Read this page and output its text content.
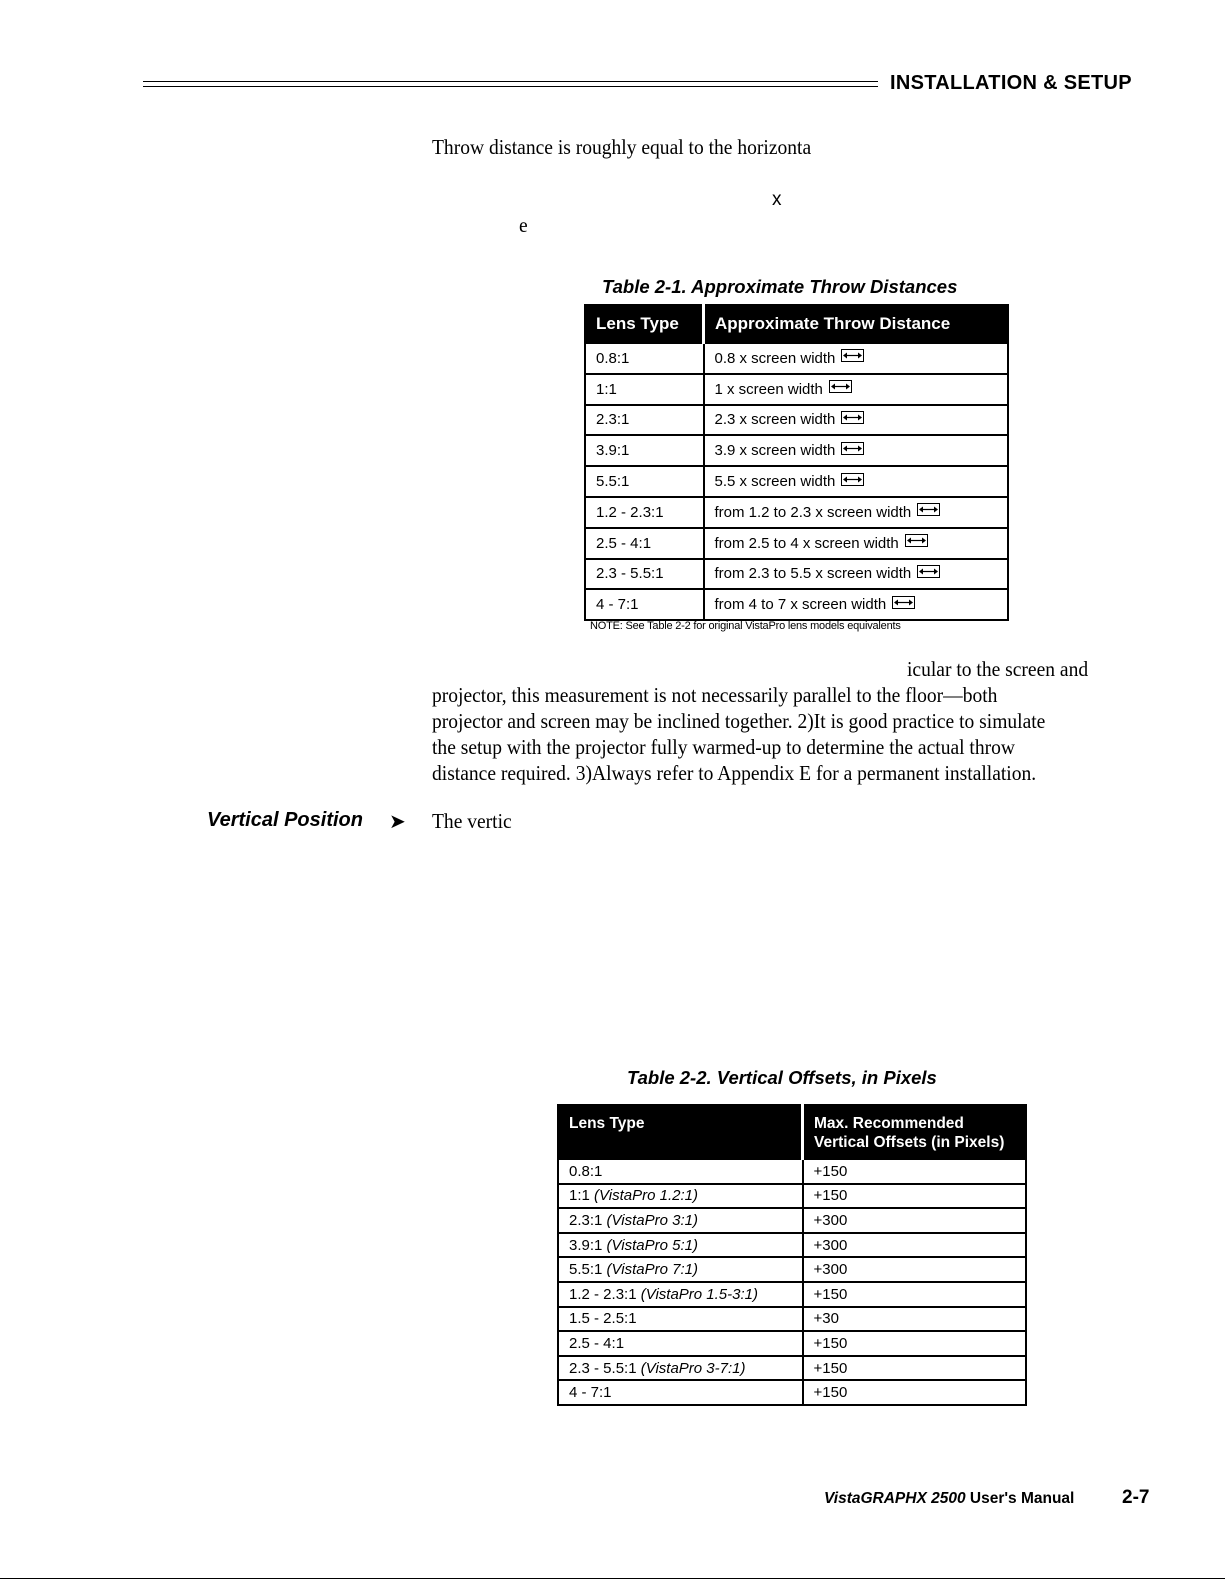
INSTALLATION & SETUP
Throw distance is roughly equal to the horizonta
x
e
Table 2-1. Approximate Throw Distances
Lens Type	Approximate Throw Distance
0.8:1	0.8 x screen width

1:1	1 x screen width

2.3:1	2.3 x screen width

3.9:1	3.9 x screen width

5.5:1	5.5 x screen width

1.2 - 2.3:1	from 1.2 to 2.3 x screen width

2.5 - 4:1	from 2.5 to 4 x screen width

2.3 - 5.5:1	from 2.3 to 5.5 x screen width

4 - 7:1	from 4 to 7 x screen width
NOTE: See Table 2-2 for original VistaPro lens models equivalents
icular to the screen and
projector, this measurement is not necessarily parallel to the floor—both
projector and screen may be inclined together. 2)It is good practice to simulate
the setup with the projector fully warmed-up to determine the actual throw
distance required. 3)Always refer to Appendix E for a permanent installation.
Vertical Position ➤ The vertic
Table 2-2. Vertical Offsets, in Pixels
Lens Type	Max. Recommended
Vertical Offsets (in Pixels)
0.8:1	+150
1:1 (VistaPro 1.2:1)	+150
2.3:1 (VistaPro 3:1)	+300
3.9:1 (VistaPro 5:1)	+300
5.5:1 (VistaPro 7:1)	+300
1.2 - 2.3:1 (VistaPro 1.5-3:1)	+150
1.5 - 2.5:1	+30
2.5 - 4:1	+150
2.3 - 5.5:1 (VistaPro 3-7:1)	+150
4 - 7:1	+150
VistaGRAPHX 2500 User's Manual	2-7
